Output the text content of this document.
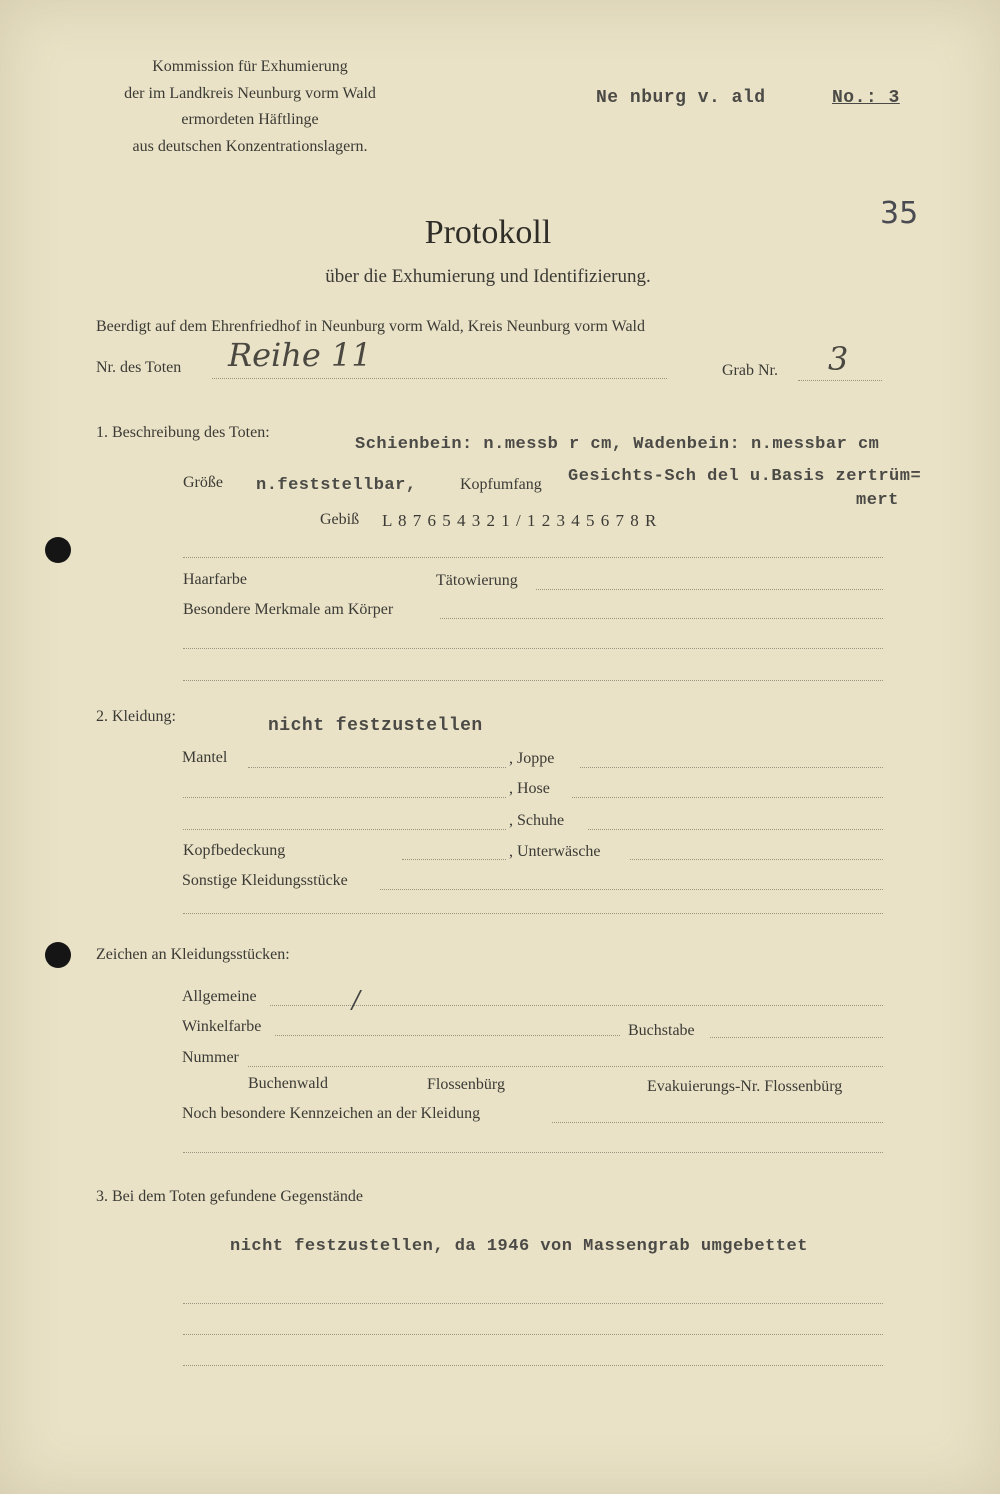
Kommission für Exhumierung
der im Landkreis Neunburg vorm Wald
ermordeten Häftlinge
aus deutschen Konzentrationslagern.
Ne nburg v. ald	No.: 3
35
Protokoll
über die Exhumierung und Identifizierung.
Beerdigt auf dem Ehrenfriedhof in Neunburg vorm Wald, Kreis Neunburg vorm Wald
Nr. des Toten Reihe 11	Grab Nr. 3
1. Beschreibung des Toten:
Schienbein: n.messb r cm, Wadenbein: n.messbar cm
Größe n.feststellbar,	Kopfumfang Gesichts-Sch del u.Basis zertrüm=
mert
Gebiß L 8 7 6 5 4 3 2 1 / 1 2 3 4 5 6 7 8 R
Haarfarbe	Tätowierung
Besondere Merkmale am Körper
2. Kleidung:	nicht festzustellen
Mantel	, Joppe
, Hose
, Schuhe
Kopfbedeckung	, Unterwäsche
Sonstige Kleidungsstücke
Zeichen an Kleidungsstücken:
Allgemeine	/
Winkelfarbe	Buchstabe
Nummer
Buchenwald	Flossenbürg	Evakuierungs-Nr. Flossenbürg
Noch besondere Kennzeichen an der Kleidung
3. Bei dem Toten gefundene Gegenstände
nicht festzustellen, da 1946 von Massengrab umgebettet
